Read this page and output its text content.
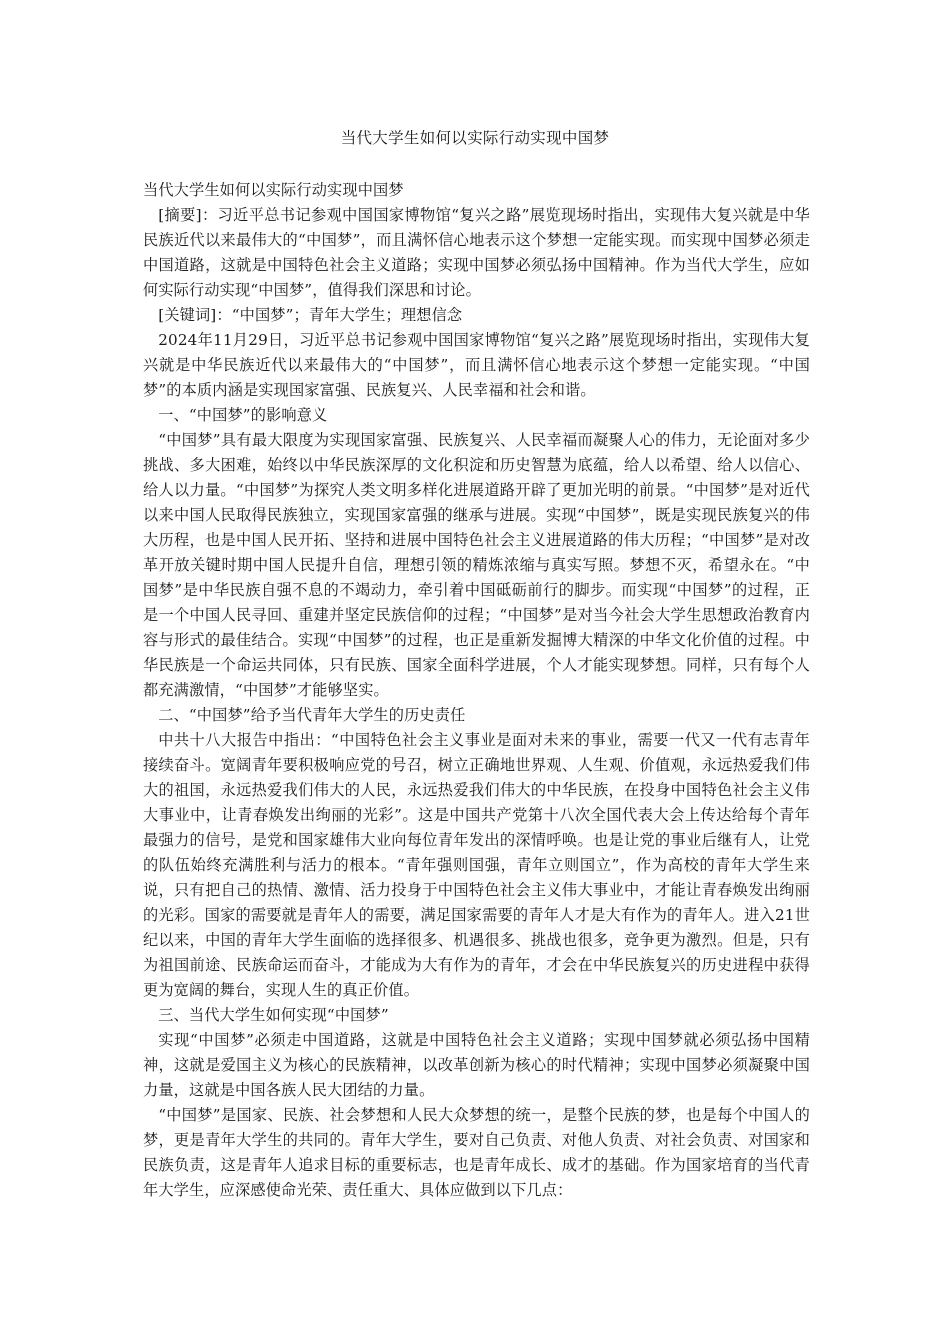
当代大学生如何以实际行动实现中国梦

当代大学生如何以实际行动实现中国梦

[摘要]：习近平总书记参观中国国家博物馆“复兴之路”展览现场时指出，实现伟大复兴就是中华民族近代以来最伟大的“中国梦”，而且满怀信心地表示这个梦想一定能实现。而实现中国梦必须走中国道路，这就是中国特色社会主义道路；实现中国梦必须弘扬中国精神。作为当代大学生，应如何实际行动实现“中国梦”，值得我们深思和讨论。

[关键词]：“中国梦”；青年大学生；理想信念

2024年11月29日，习近平总书记参观中国国家博物馆“复兴之路”展览现场时指出，实现伟大复兴就是中华民族近代以来最伟大的“中国梦”，而且满怀信心地表示这个梦想一定能实现。“中国梦”的本质内涵是实现国家富强、民族复兴、人民幸福和社会和谐。

一、“中国梦”的影响意义

“中国梦”具有最大限度为实现国家富强、民族复兴、人民幸福而凝聚人心的伟力，无论面对多少挑战、多大困难，始终以中华民族深厚的文化积淀和历史智慧为底蕴，给人以希望、给人以信心、给人以力量。“中国梦”为探究人类文明多样化进展道路开辟了更加光明的前景。“中国梦”是对近代以来中国人民取得民族独立，实现国家富强的继承与进展。实现“中国梦”，既是实现民族复兴的伟大历程，也是中国人民开拓、坚持和进展中国特色社会主义进展道路的伟大历程；“中国梦”是对改革开放关键时期中国人民提升自信，理想引领的精炼浓缩与真实写照。梦想不灭，希望永在。“中国梦”是中华民族自强不息的不竭动力，牵引着中国砥砺前行的脚步。而实现“中国梦”的过程，正是一个中国人民寻回、重建并坚定民族信仰的过程；“中国梦”是对当今社会大学生思想政治教育内容与形式的最佳结合。实现“中国梦”的过程，也正是重新发掘博大精深的中华文化价值的过程。中华民族是一个命运共同体，只有民族、国家全面科学进展，个人才能实现梦想。同样，只有每个人都充满激情，“中国梦”才能够坚实。

二、“中国梦”给予当代青年大学生的历史责任

中共十八大报告中指出：“中国特色社会主义事业是面对未来的事业，需要一代又一代有志青年接续奋斗。宽阔青年要积极响应党的号召，树立正确地世界观、人生观、价值观，永远热爱我们伟大的祖国，永远热爱我们伟大的人民，永远热爱我们伟大的中华民族，在投身中国特色社会主义伟大事业中，让青春焕发出绚丽的光彩”。这是中国共产党第十八次全国代表大会上传达给每个青年最强力的信号，是党和国家雄伟大业向每位青年发出的深情呼唤。也是让党的事业后继有人，让党的队伍始终充满胜利与活力的根本。“青年强则国强，青年立则国立”，作为高校的青年大学生来说，只有把自己的热情、激情、活力投身于中国特色社会主义伟大事业中，才能让青春焕发出绚丽的光彩。国家的需要就是青年人的需要，满足国家需要的青年人才是大有作为的青年人。进入21世纪以来，中国的青年大学生面临的选择很多、机遇很多、挑战也很多，竞争更为激烈。但是，只有为祖国前途、民族命运而奋斗，才能成为大有作为的青年，才会在中华民族复兴的历史进程中获得更为宽阔的舞台，实现人生的真正价值。

三、当代大学生如何实现“中国梦”

实现“中国梦”必须走中国道路，这就是中国特色社会主义道路；实现中国梦就必须弘扬中国精神，这就是爱国主义为核心的民族精神，以改革创新为核心的时代精神；实现中国梦必须凝聚中国力量，这就是中国各族人民大团结的力量。

“中国梦”是国家、民族、社会梦想和人民大众梦想的统一，是整个民族的梦，也是每个中国人的梦，更是青年大学生的共同的。青年大学生，要对自己负责、对他人负责、对社会负责、对国家和民族负责，这是青年人追求目标的重要标志，也是青年成长、成才的基础。作为国家培育的当代青年大学生，应深感使命光荣、责任重大、具体应做到以下几点：
